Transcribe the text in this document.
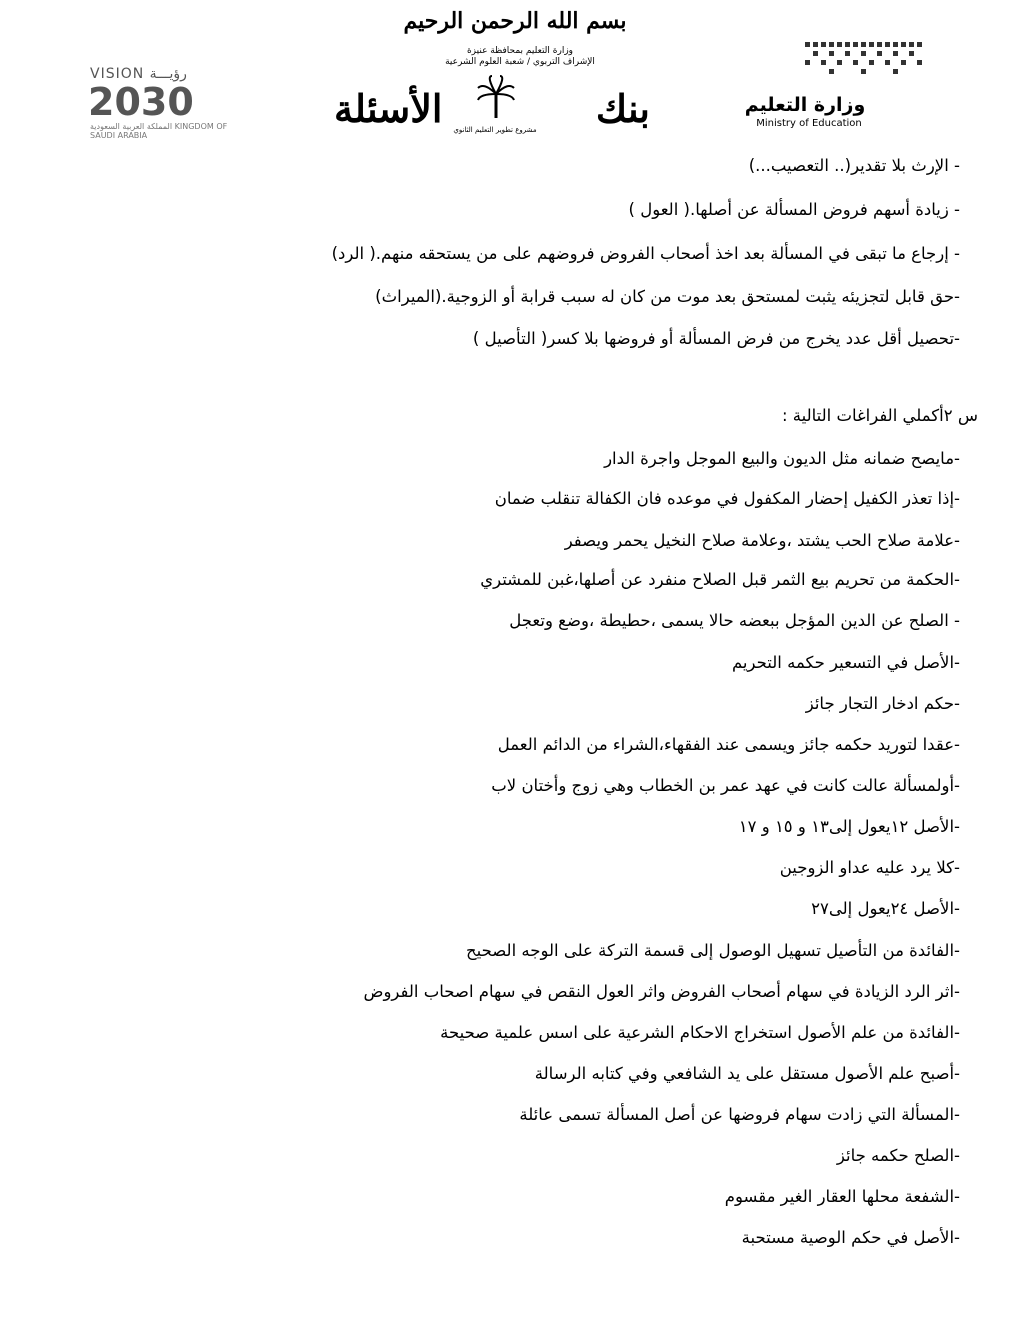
بسم الله الرحمن الرحيم
وزارة التعليم بمحافظة عنيزة
الإشراف التربوي / شعبة العلوم الشرعية
VISION رؤيـــة
2030
المملكة العربية السعودية KINGDOM OF SAUDI ARABIA
بنك
الأسئلة	مشروع تطوير التعليم الثانوي
وزارة التعليم
Ministry of Education
- الإرث بلا تقدير(.. التعصيب...)
- زيادة أسهم فروض المسألة عن أصلها.( العول )
- إرجاع ما تبقى في المسألة بعد اخذ أصحاب الفروض فروضهم على من يستحقه منهم.( الرد)
-حق قابل لتجزيئه يثبت لمستحق بعد موت من كان له سبب قرابة أو الزوجية.(الميراث)
-تحصيل أقل عدد يخرج من فرض المسألة أو فروضها بلا كسر( التأصيل )
س ٢أكملي الفراغات التالية :
-مايصح ضمانه مثل الديون والبيع الموجل واجرة الدار
-إذا تعذر الكفيل إحضار المكفول في موعده فان الكفالة تنقلب ضمان
-علامة صلاح الحب يشتد ،وعلامة صلاح النخيل يحمر ويصفر
-الحكمة من تحريم بيع الثمر قبل الصلاح منفرد عن أصلها،غبن للمشتري
- الصلح عن الدين المؤجل ببعضه حالا يسمى ،حطيطة ،وضع وتعجل
-الأصل في التسعير حكمه التحريم
-حكم ادخار التجار جائز
-عقدا لتوريد حكمه جائز ويسمى عند الفقهاء،الشراء من الدائم العمل
-أولمسألة عالت كانت في عهد عمر بن الخطاب وهي زوج وأختان لاب
-الأصل ١٢يعول إلى١٣ و ١٥ و ١٧
-كلا يرد عليه عداو الزوجين
-الأصل ٢٤يعول إلى٢٧
-الفائدة من التأصيل تسهيل الوصول إلى قسمة التركة على الوجه الصحيح
-اثر الرد الزيادة في سهام أصحاب الفروض واثر العول النقص في سهام اصحاب الفروض
-الفائدة من علم الأصول استخراج الاحكام الشرعية على اسس علمية صحيحة
-أصبح علم الأصول مستقل على يد الشافعي وفي كتابه الرسالة
-المسألة التي زادت سهام فروضها عن أصل المسألة تسمى عائلة
-الصلح حكمه جائز
-الشفعة محلها العقار الغير مقسوم
-الأصل في حكم الوصية مستحبة
